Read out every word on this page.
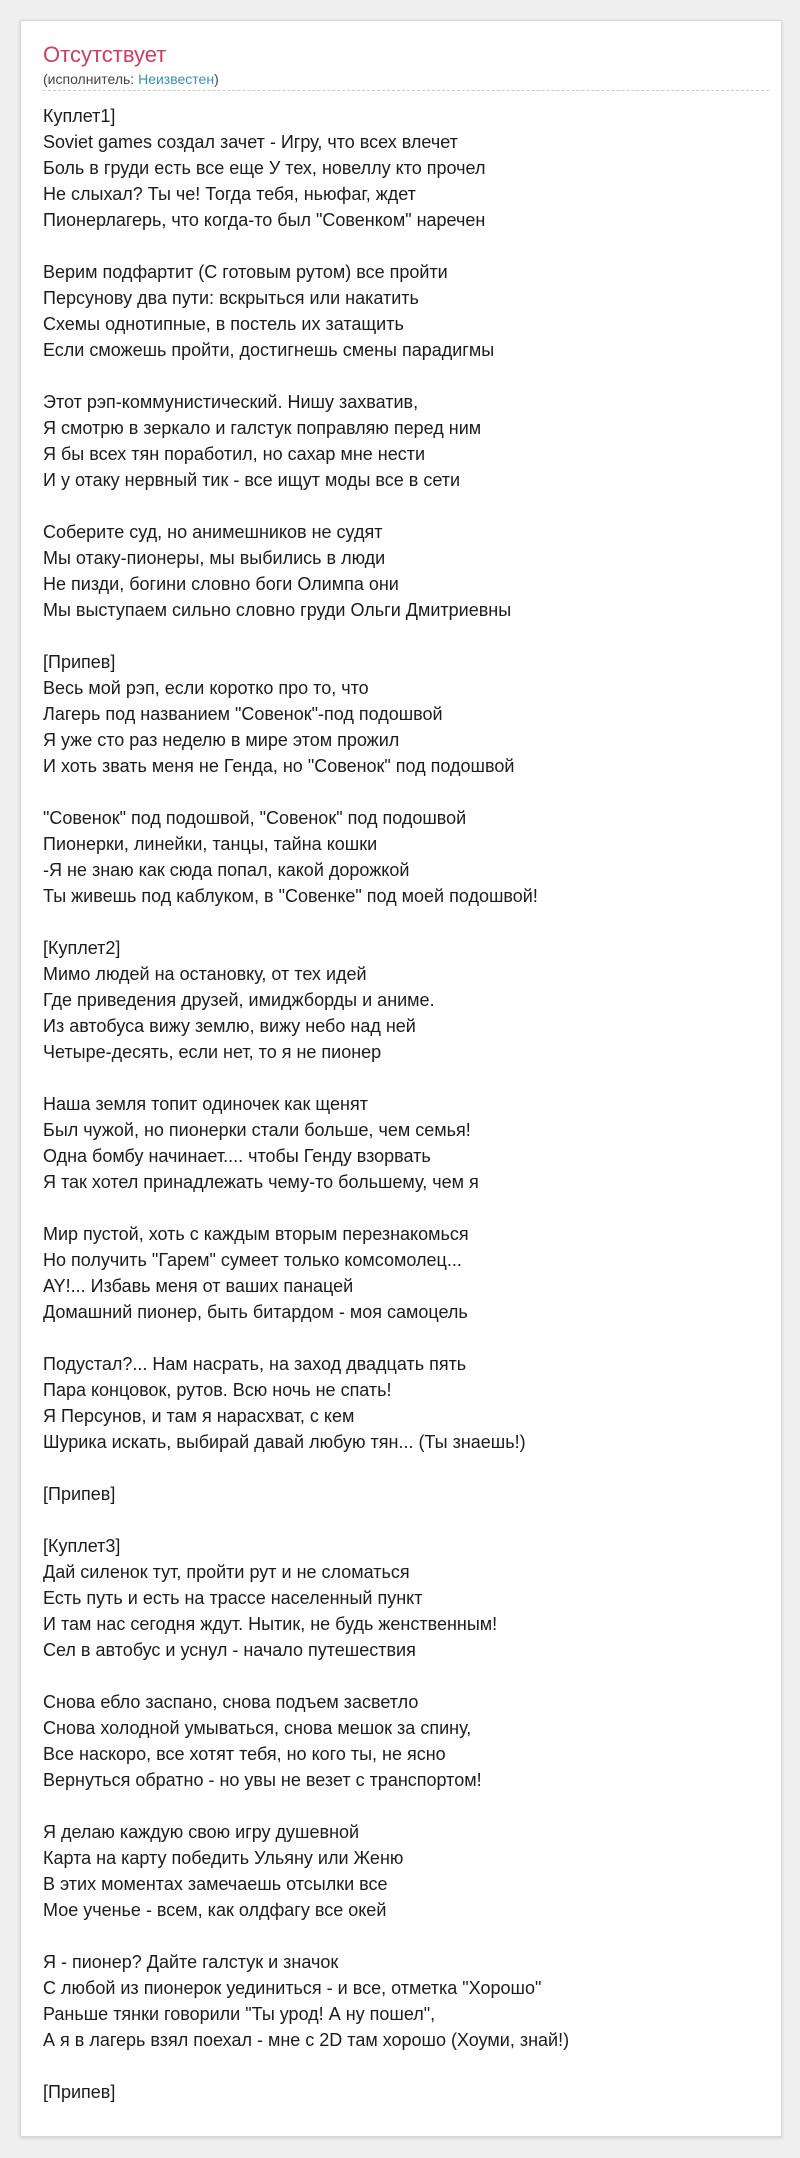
Отсутствует
(исполнитель: Неизвестен)
Куплет1]
Soviet games создал зачет - Игру, что всех влечет
Боль в груди есть все еще У тех, новеллу кто прочел
Не слыхал? Ты че! Тогда тебя, ньюфаг, ждет
Пионерлагерь, что когда-то был "Совенком" наречен
Верим подфартит (С готовым рутом) все пройти
Персунову два пути: вскрыться или накатить
Схемы однотипные, в постель их затащить
Если сможешь пройти, достигнешь смены парадигмы
Этот рэп-коммунистический. Нишу захватив,
Я смотрю в зеркало и галстук поправляю перед ним
Я бы всех тян поработил, но сахар мне нести
И у отаку нервный тик - все ищут моды все в сети
Соберите суд, но анимешников не судят
Мы отаку-пионеры, мы выбились в люди
Не пизди, богини словно боги Олимпа они
Мы выступаем сильно словно груди Ольги Дмитриевны
[Припев]
Весь мой рэп, если коротко про то, что
Лагерь под названием "Совенок"-под подошвой
Я уже сто раз неделю в мире этом прожил
И хоть звать меня не Генда, но "Совенок" под подошвой
"Совенок" под подошвой, "Совенок" под подошвой
Пионерки, линейки, танцы, тайна кошки
-Я не знаю как сюда попал, какой дорожкой
Ты живешь под каблуком, в "Совенке" под моей подошвой!
[Куплет2]
Мимо людей на остановку, от тех идей
Где приведения друзей, имиджборды и аниме.
Из автобуса вижу землю, вижу небо над ней
Четыре-десять, если нет, то я не пионер
Наша земля топит одиночек как щенят
Был чужой, но пионерки стали больше, чем семья!
Одна бомбу начинает.... чтобы Генду взорвать
Я так хотел принадлежать чему-то большему, чем я
Мир пустой, хоть с каждым вторым перезнакомься
Но получить "Гарем" сумеет только комсомолец...
AY!... Избавь меня от ваших панацей
Домашний пионер, быть битардом - моя самоцель
Подустал?... Нам насрать, на заход двадцать пять
Пара концовок, рутов. Всю ночь не спать!
Я Персунов, и там я нарасхват, с кем
Шурика искать, выбирай давай любую тян... (Ты знаешь!)
[Припев]
[Куплет3]
Дай силенок тут, пройти рут и не сломаться
Есть путь и есть на трассе населенный пункт
И там нас сегодня ждут. Нытик, не будь женственным!
Сел в автобус и уснул - начало путешествия
Снова ебло заспано, снова подъем засветло
Снова холодной умываться, снова мешок за спину,
Все наскоро, все хотят тебя, но кого ты, не ясно
Вернуться обратно - но увы не везет с транспортом!
Я делаю каждую свою игру душевной
Карта на карту победить Ульяну или Женю
В этих моментах замечаешь отсылки все
Мое ученье - всем, как олдфагу все окей
Я - пионер? Дайте галстук и значок
С любой из пионерок уединиться - и все, отметка "Хорошо"
Раньше тянки говорили "Ты урод! А ну пошел",
А я в лагерь взял поехал - мне с 2D там хорошо (Хоуми, знай!)
[Припев]
